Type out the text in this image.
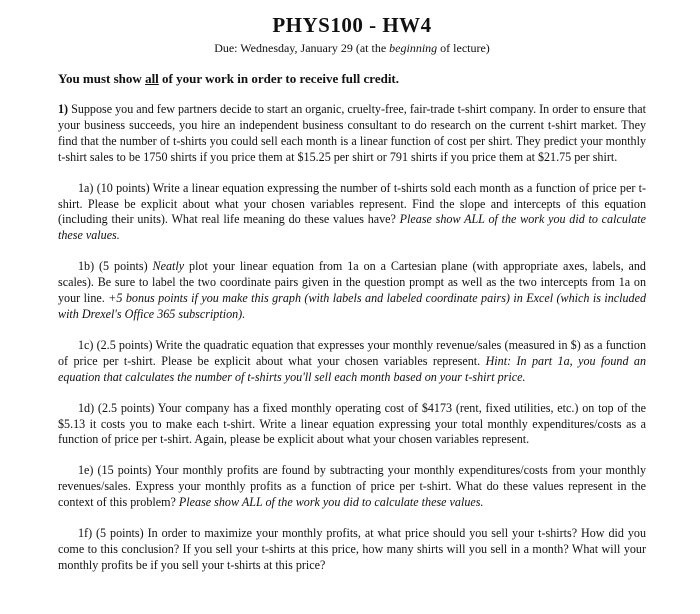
PHYS100 - HW4
Due: Wednesday, January 29 (at the beginning of lecture)
You must show all of your work in order to receive full credit.

1) Suppose you and few partners decide to start an organic, cruelty-free, fair-trade t-shirt company. In order to ensure that your business succeeds, you hire an independent business consultant to do research on the current t-shirt market. They find that the number of t-shirts you could sell each month is a linear function of cost per shirt. They predict your monthly t-shirt sales to be 1750 shirts if you price them at $15.25 per shirt or 791 shirts if you price them at $21.75 per shirt.

1a) (10 points) Write a linear equation expressing the number of t-shirts sold each month as a function of price per t-shirt. Please be explicit about what your chosen variables represent. Find the slope and intercepts of this equation (including their units). What real life meaning do these values have? Please show ALL of the work you did to calculate these values.

1b) (5 points) Neatly plot your linear equation from 1a on a Cartesian plane (with appropriate axes, labels, and scales). Be sure to label the two coordinate pairs given in the question prompt as well as the two intercepts from 1a on your line. +5 bonus points if you make this graph (with labels and labeled coordinate pairs) in Excel (which is included with Drexel's Office 365 subscription).

1c) (2.5 points) Write the quadratic equation that expresses your monthly revenue/sales (measured in $) as a function of price per t-shirt. Please be explicit about what your chosen variables represent. Hint: In part 1a, you found an equation that calculates the number of t-shirts you'll sell each month based on your t-shirt price.

1d) (2.5 points) Your company has a fixed monthly operating cost of $4173 (rent, fixed utilities, etc.) on top of the $5.13 it costs you to make each t-shirt. Write a linear equation expressing your total monthly expenditures/costs as a function of price per t-shirt. Again, please be explicit about what your chosen variables represent.

1e) (15 points) Your monthly profits are found by subtracting your monthly expenditures/costs from your monthly revenues/sales. Express your monthly profits as a function of price per t-shirt. What do these values represent in the context of this problem? Please show ALL of the work you did to calculate these values.

1f) (5 points) In order to maximize your monthly profits, at what price should you sell your t-shirts? How did you come to this conclusion? If you sell your t-shirts at this price, how many shirts will you sell in a month? What will your monthly profits be if you sell your t-shirts at this price?
